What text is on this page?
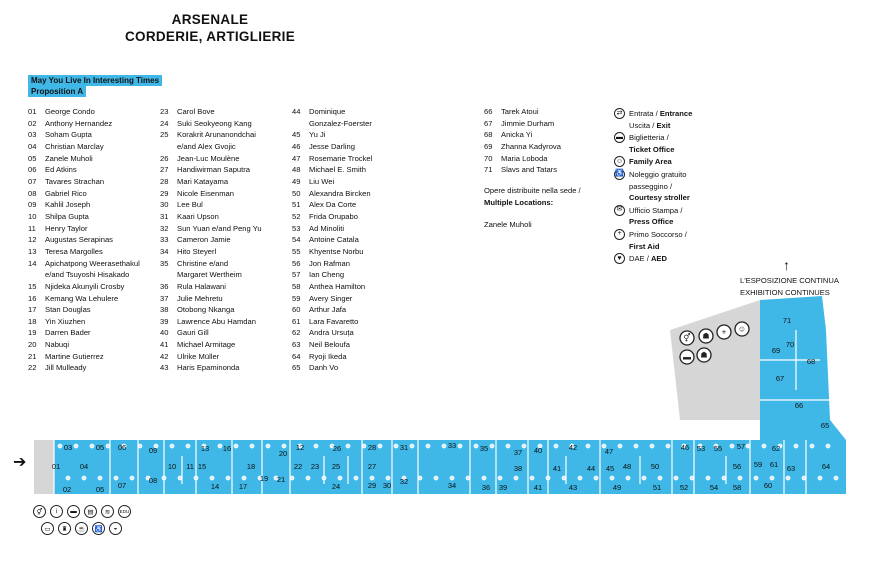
ARSENALE
CORDERIE, ARTIGLIERIE
May You Live In Interesting Times
Proposition A
01	George Condo
02	Anthony Hernandez
03	Soham Gupta
04	Christian Marclay
05	Zanele Muholi
06	Ed Atkins
07	Tavares Strachan
08	Gabriel Rico
09	Kahlil Joseph
10	Shilpa Gupta
11	Henry Taylor
12	Augustas Serapinas
13	Teresa Margolles
14	Apichatpong Weerasethakul
e/and Tsuyoshi Hisakado
15	Njideka Akunyili Crosby
16	Kemang Wa Lehulere
17	Stan Douglas
18	Yin Xiuzhen
19	Darren Bader
20	Nabuqi
21	Martine Gutierrez
22	Jill Mulleady
23	Carol Bove
24	Suki Seokyeong Kang
25	Korakrit Arunanondchai
e/and Alex Gvojic
26	Jean-Luc Moulène
27	Handiwirman Saputra
28	Mari Katayama
29	Nicole Eisenman
30	Lee Bul
31	Kaari Upson
32	Sun Yuan e/and Peng Yu
33	Cameron Jamie
34	Hito Steyerl
35	Christine e/and
Margaret Wertheim
36	Rula Halawani
37	Julie Mehretu
38	Otobong Nkanga
39	Lawrence Abu Hamdan
40	Gauri Gill
41	Michael Armitage
42	Ulrike Müller
43	Haris Epaminonda
44	Dominique
Gonzalez-Foerster
45	Yu Ji
46	Jesse Darling
47	Rosemarie Trockel
48	Michael E. Smith
49	Liu Wei
50	Alexandra Bircken
51	Alex Da Corte
52	Frida Orupabo
53	Ad Minoliti
54	Antoine Catala
55	Khyentse Norbu
56	Jon Rafman
57	Ian Cheng
58	Anthea Hamilton
59	Avery Singer
60	Arthur Jafa
61	Lara Favaretto
62	Andra Ursuța
63	Neil Beloufa
64	Ryoji Ikeda
65	Danh Vo
66	Tarek Atoui
67	Jimmie Durham
68	Anicka Yi
69	Zhanna Kadyrova
70	Maria Loboda
71	Slavs and Tatars
Opere distribuite nella sede /
Multiple Locations:
Zanele Muholi
⇄ Entrata / Entrance
Uscita / Exit
▬ Biglietteria /
Ticket Office
☺ Family Area
♿ Noleggio gratuito passeggino /
Courtesy stroller
✉ Ufficio Stampa /
Press Office
+ Primo Soccorso /
First Aid
♥ DAE / AED	↑
L'ESPOSIZIONE CONTINUA
EXHIBITION CONTINUES
➔	01
02
03
04
05
05
06
07
08
09
10 11
12
13
14
15
16
17
18
19
20
21
22 23
24
25
26
27
28
29 30
31
32
33
34
35
36
37
38
39
40
41
41
42
43
44 45
46
47
48
49
50
51 52
53
54
55
56
57
58
59
60
61
62
63	64
65
66
67
68
69
70
71
⚥ ☗ + ☺
▬ ☗
⚥	i	▬	▤	≋	EDU
▭	♜	☕	♿	◒
